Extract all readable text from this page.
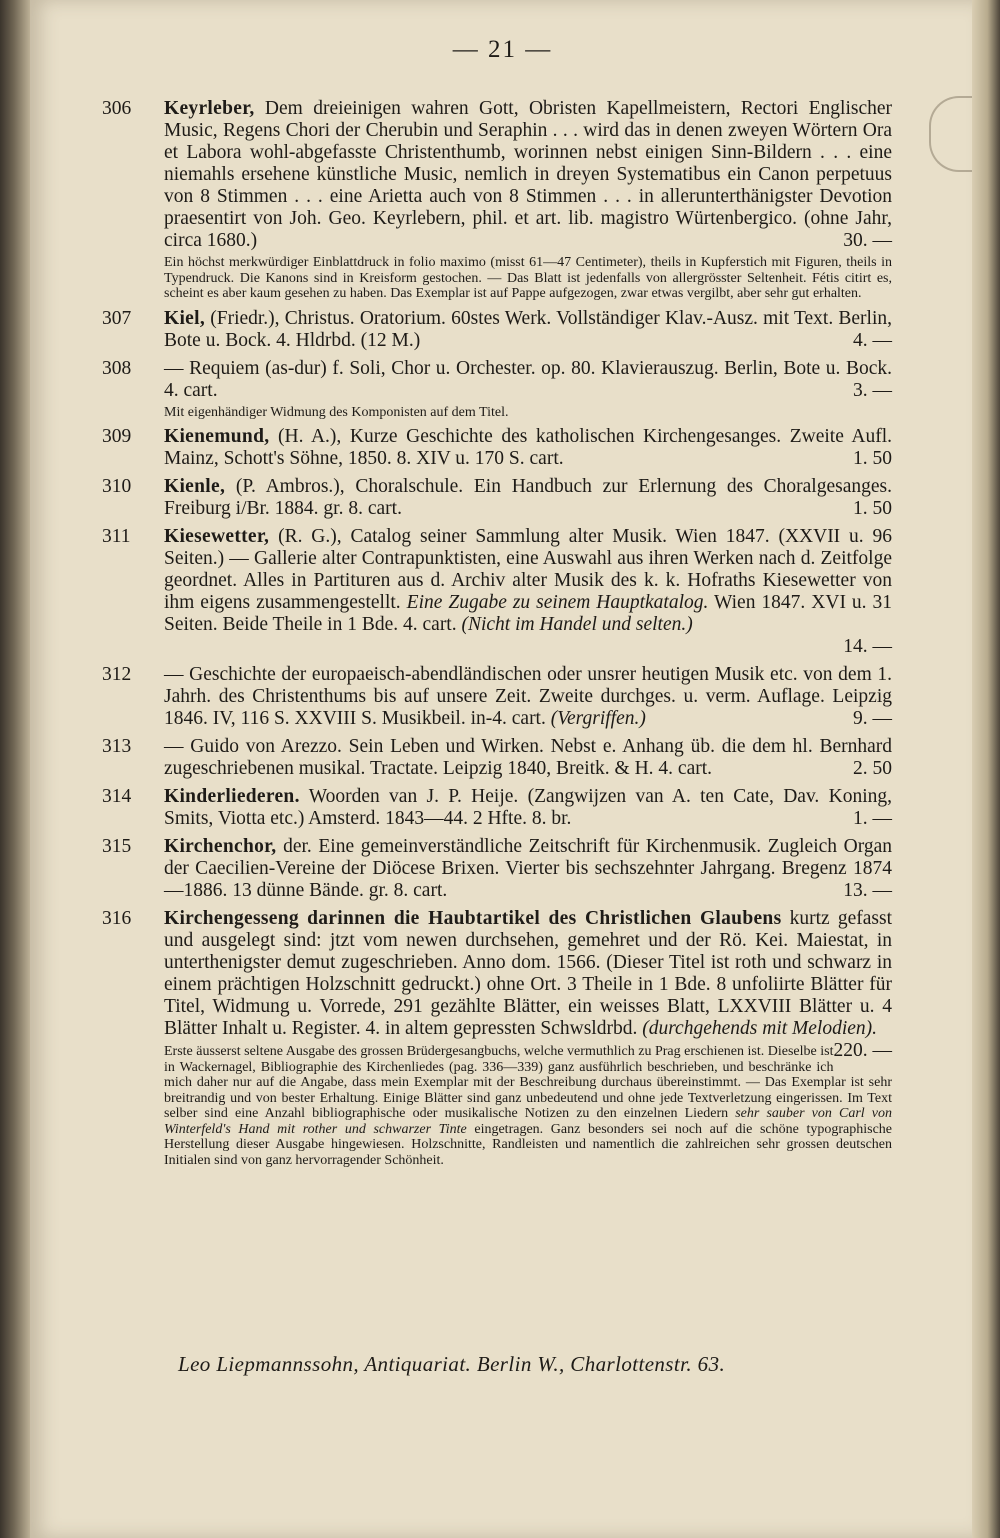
— 21 —
306	Keyrleber, Dem dreieinigen wahren Gott, Obristen Kapellmeistern, Rectori Englischer Music, Regens Chori der Cherubin und Seraphin . . . wird das in denen zweyen Wörtern Ora et Labora wohl-abgefasste Christenthumb, worinnen nebst einigen Sinn-Bildern . . . eine niemahls ersehene künstliche Music, nemlich in dreyen Systematibus ein Canon perpetuus von 8 Stimmen . . . eine Arietta auch von 8 Stimmen . . . in allerunterthänigster Devotion praesentirt von Joh. Geo. Keyrlebern, phil. et art. lib. magistro Würtenbergico. (ohne Jahr, circa 1680.)	30. —
Ein höchst merkwürdiger Einblattdruck in folio maximo (misst 61—47 Centimeter), theils in Kupferstich mit Figuren, theils in Typendruck. Die Kanons sind in Kreisform gestochen. — Das Blatt ist jedenfalls von allergrösster Seltenheit. Fétis citirt es, scheint es aber kaum gesehen zu haben. Das Exemplar ist auf Pappe aufgezogen, zwar etwas vergilbt, aber sehr gut erhalten.
307	Kiel, (Friedr.), Christus. Oratorium. 60stes Werk. Vollständiger Klav.-Ausz. mit Text. Berlin, Bote u. Bock. 4. Hldrbd. (12 M.)	4. —
308	— Requiem (as-dur) f. Soli, Chor u. Orchester. op. 80. Klavierauszug. Berlin, Bote u. Bock. 4. cart.	3. —
Mit eigenhändiger Widmung des Komponisten auf dem Titel.
309	Kienemund, (H. A.), Kurze Geschichte des katholischen Kirchengesanges. Zweite Aufl. Mainz, Schott's Söhne, 1850. 8. XIV u. 170 S. cart.	1. 50
310	Kienle, (P. Ambros.), Choralschule. Ein Handbuch zur Erlernung des Choralgesanges. Freiburg i/Br. 1884. gr. 8. cart.	1. 50
311	Kiesewetter, (R. G.), Catalog seiner Sammlung alter Musik. Wien 1847. (XXVII u. 96 Seiten.) — Gallerie alter Contrapunktisten, eine Auswahl aus ihren Werken nach d. Zeitfolge geordnet. Alles in Partituren aus d. Archiv alter Musik des k. k. Hofraths Kiesewetter von ihm eigens zusammengestellt. Eine Zugabe zu seinem Hauptkatalog. Wien 1847. XVI u. 31 Seiten. Beide Theile in 1 Bde. 4. cart. (Nicht im Handel und selten.)
14. —
312	— Geschichte der europaeisch-abendländischen oder unsrer heutigen Musik etc. von dem 1. Jahrh. des Christenthums bis auf unsere Zeit. Zweite durchges. u. verm. Auflage. Leipzig 1846. IV, 116 S. XXVIII S. Musikbeil. in-4. cart. (Vergriffen.)	9. —
313	— Guido von Arezzo. Sein Leben und Wirken. Nebst e. Anhang üb. die dem hl. Bernhard zugeschriebenen musikal. Tractate. Leipzig 1840, Breitk. & H. 4. cart.	2. 50
314	Kinderliederen. Woorden van J. P. Heije. (Zangwijzen van A. ten Cate, Dav. Koning, Smits, Viotta etc.) Amsterd. 1843—44. 2 Hfte. 8. br.	1. —
315	Kirchenchor, der. Eine gemeinverständliche Zeitschrift für Kirchenmusik. Zugleich Organ der Caecilien-Vereine der Diöcese Brixen. Vierter bis sechszehnter Jahrgang. Bregenz 1874—1886. 13 dünne Bände. gr. 8. cart.	13. —
316	Kirchengesseng darinnen die Haubtartikel des Christlichen Glaubens kurtz gefasst und ausgelegt sind: jtzt vom newen durchsehen, gemehret und der Rö. Kei. Maiestat, in unterthenigster demut zugeschrieben. Anno dom. 1566. (Dieser Titel ist roth und schwarz in einem prächtigen Holzschnitt gedruckt.) ohne Ort. 3 Theile in 1 Bde. 8 unfoliirte Blätter für Titel, Widmung u. Vorrede, 291 gezählte Blätter, ein weisses Blatt, LXXVIII Blätter u. 4 Blätter Inhalt u. Register. 4. in altem gepressten Schwsldrbd. (durchgehends mit Melodien).
220. —
Erste äusserst seltene Ausgabe des grossen Brüdergesangbuchs, welche vermuthlich zu Prag erschienen ist. Dieselbe ist in Wackernagel, Bibliographie des Kirchenliedes (pag. 336—339) ganz ausführlich beschrieben, und beschränke ich mich daher nur auf die Angabe, dass mein Exemplar mit der Beschreibung durchaus übereinstimmt. — Das Exemplar ist sehr breitrandig und von bester Erhaltung. Einige Blätter sind ganz unbedeutend und ohne jede Textverletzung eingerissen. Im Text selber sind eine Anzahl bibliographische oder musikalische Notizen zu den einzelnen Liedern sehr sauber von Carl von Winterfeld's Hand mit rother und schwarzer Tinte eingetragen. Ganz besonders sei noch auf die schöne typographische Herstellung dieser Ausgabe hingewiesen. Holzschnitte, Randleisten und namentlich die zahlreichen sehr grossen deutschen Initialen sind von ganz hervorragender Schönheit.
Leo Liepmannssohn, Antiquariat. Berlin W., Charlottenstr. 63.
